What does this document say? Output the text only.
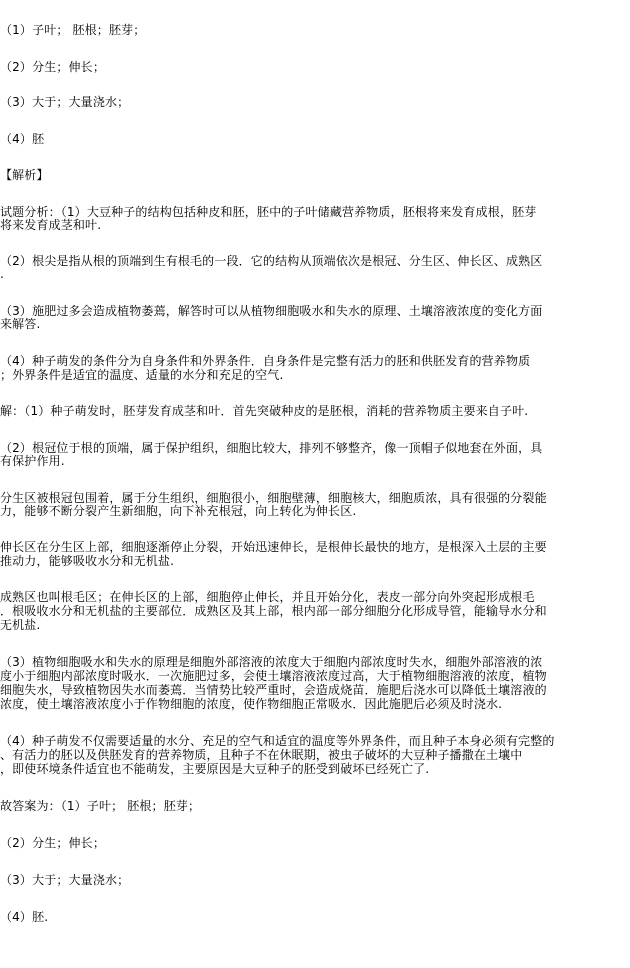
（1）子叶； 胚根；胚芽；
（2）分生；伸长；
（3）大于；大量浇水；
（4）胚
【解析】
试题分析：（1）大豆种子的结构包括种皮和胚，胚中的子叶储藏营养物质，胚根将来发育成根，胚芽
将来发育成茎和叶.
（2）根尖是指从根的顶端到生有根毛的一段．它的结构从顶端依次是根冠、分生区、伸长区、成熟区
.
（3）施肥过多会造成植物萎蔫，解答时可以从植物细胞吸水和失水的原理、土壤溶液浓度的变化方面
来解答.
（4）种子萌发的条件分为自身条件和外界条件．自身条件是完整有活力的胚和供胚发育的营养物质
；外界条件是适宜的温度、适量的水分和充足的空气.
解：（1）种子萌发时，胚芽发育成茎和叶．首先突破种皮的是胚根，消耗的营养物质主要来自子叶.
（2）根冠位于根的顶端，属于保护组织，细胞比较大，排列不够整齐，像一顶帽子似地套在外面，具
有保护作用.
分生区被根冠包围着，属于分生组织，细胞很小，细胞壁薄，细胞核大，细胞质浓，具有很强的分裂能
力，能够不断分裂产生新细胞，向下补充根冠，向上转化为伸长区.
伸长区在分生区上部，细胞逐渐停止分裂，开始迅速伸长，是根伸长最快的地方，是根深入土层的主要
推动力，能够吸收水分和无机盐.
成熟区也叫根毛区；在伸长区的上部，细胞停止伸长，并且开始分化，表皮一部分向外突起形成根毛
．根吸收水分和无机盐的主要部位．成熟区及其上部，根内部一部分细胞分化形成导管，能输导水分和
无机盐.
（3）植物细胞吸水和失水的原理是细胞外部溶液的浓度大于细胞内部浓度时失水，细胞外部溶液的浓
度小于细胞内部浓度时吸水．一次施肥过多，会使土壤溶液浓度过高，大于植物细胞溶液的浓度，植物
细胞失水，导致植物因失水而萎蔫．当情势比较严重时，会造成烧苗．施肥后浇水可以降低土壤溶液的
浓度，使土壤溶液浓度小于作物细胞的浓度，使作物细胞正常吸水．因此施肥后必须及时浇水.
（4）种子萌发不仅需要适量的水分、充足的空气和适宜的温度等外界条件，而且种子本身必须有完整的
、有活力的胚以及供胚发育的营养物质，且种子不在休眠期，被虫子破坏的大豆种子播撒在土壤中
，即使环境条件适宜也不能萌发，主要原因是大豆种子的胚受到破坏已经死亡了.
故答案为：（1）子叶； 胚根；胚芽；
（2）分生；伸长；
（3）大于；大量浇水；
（4）胚.
